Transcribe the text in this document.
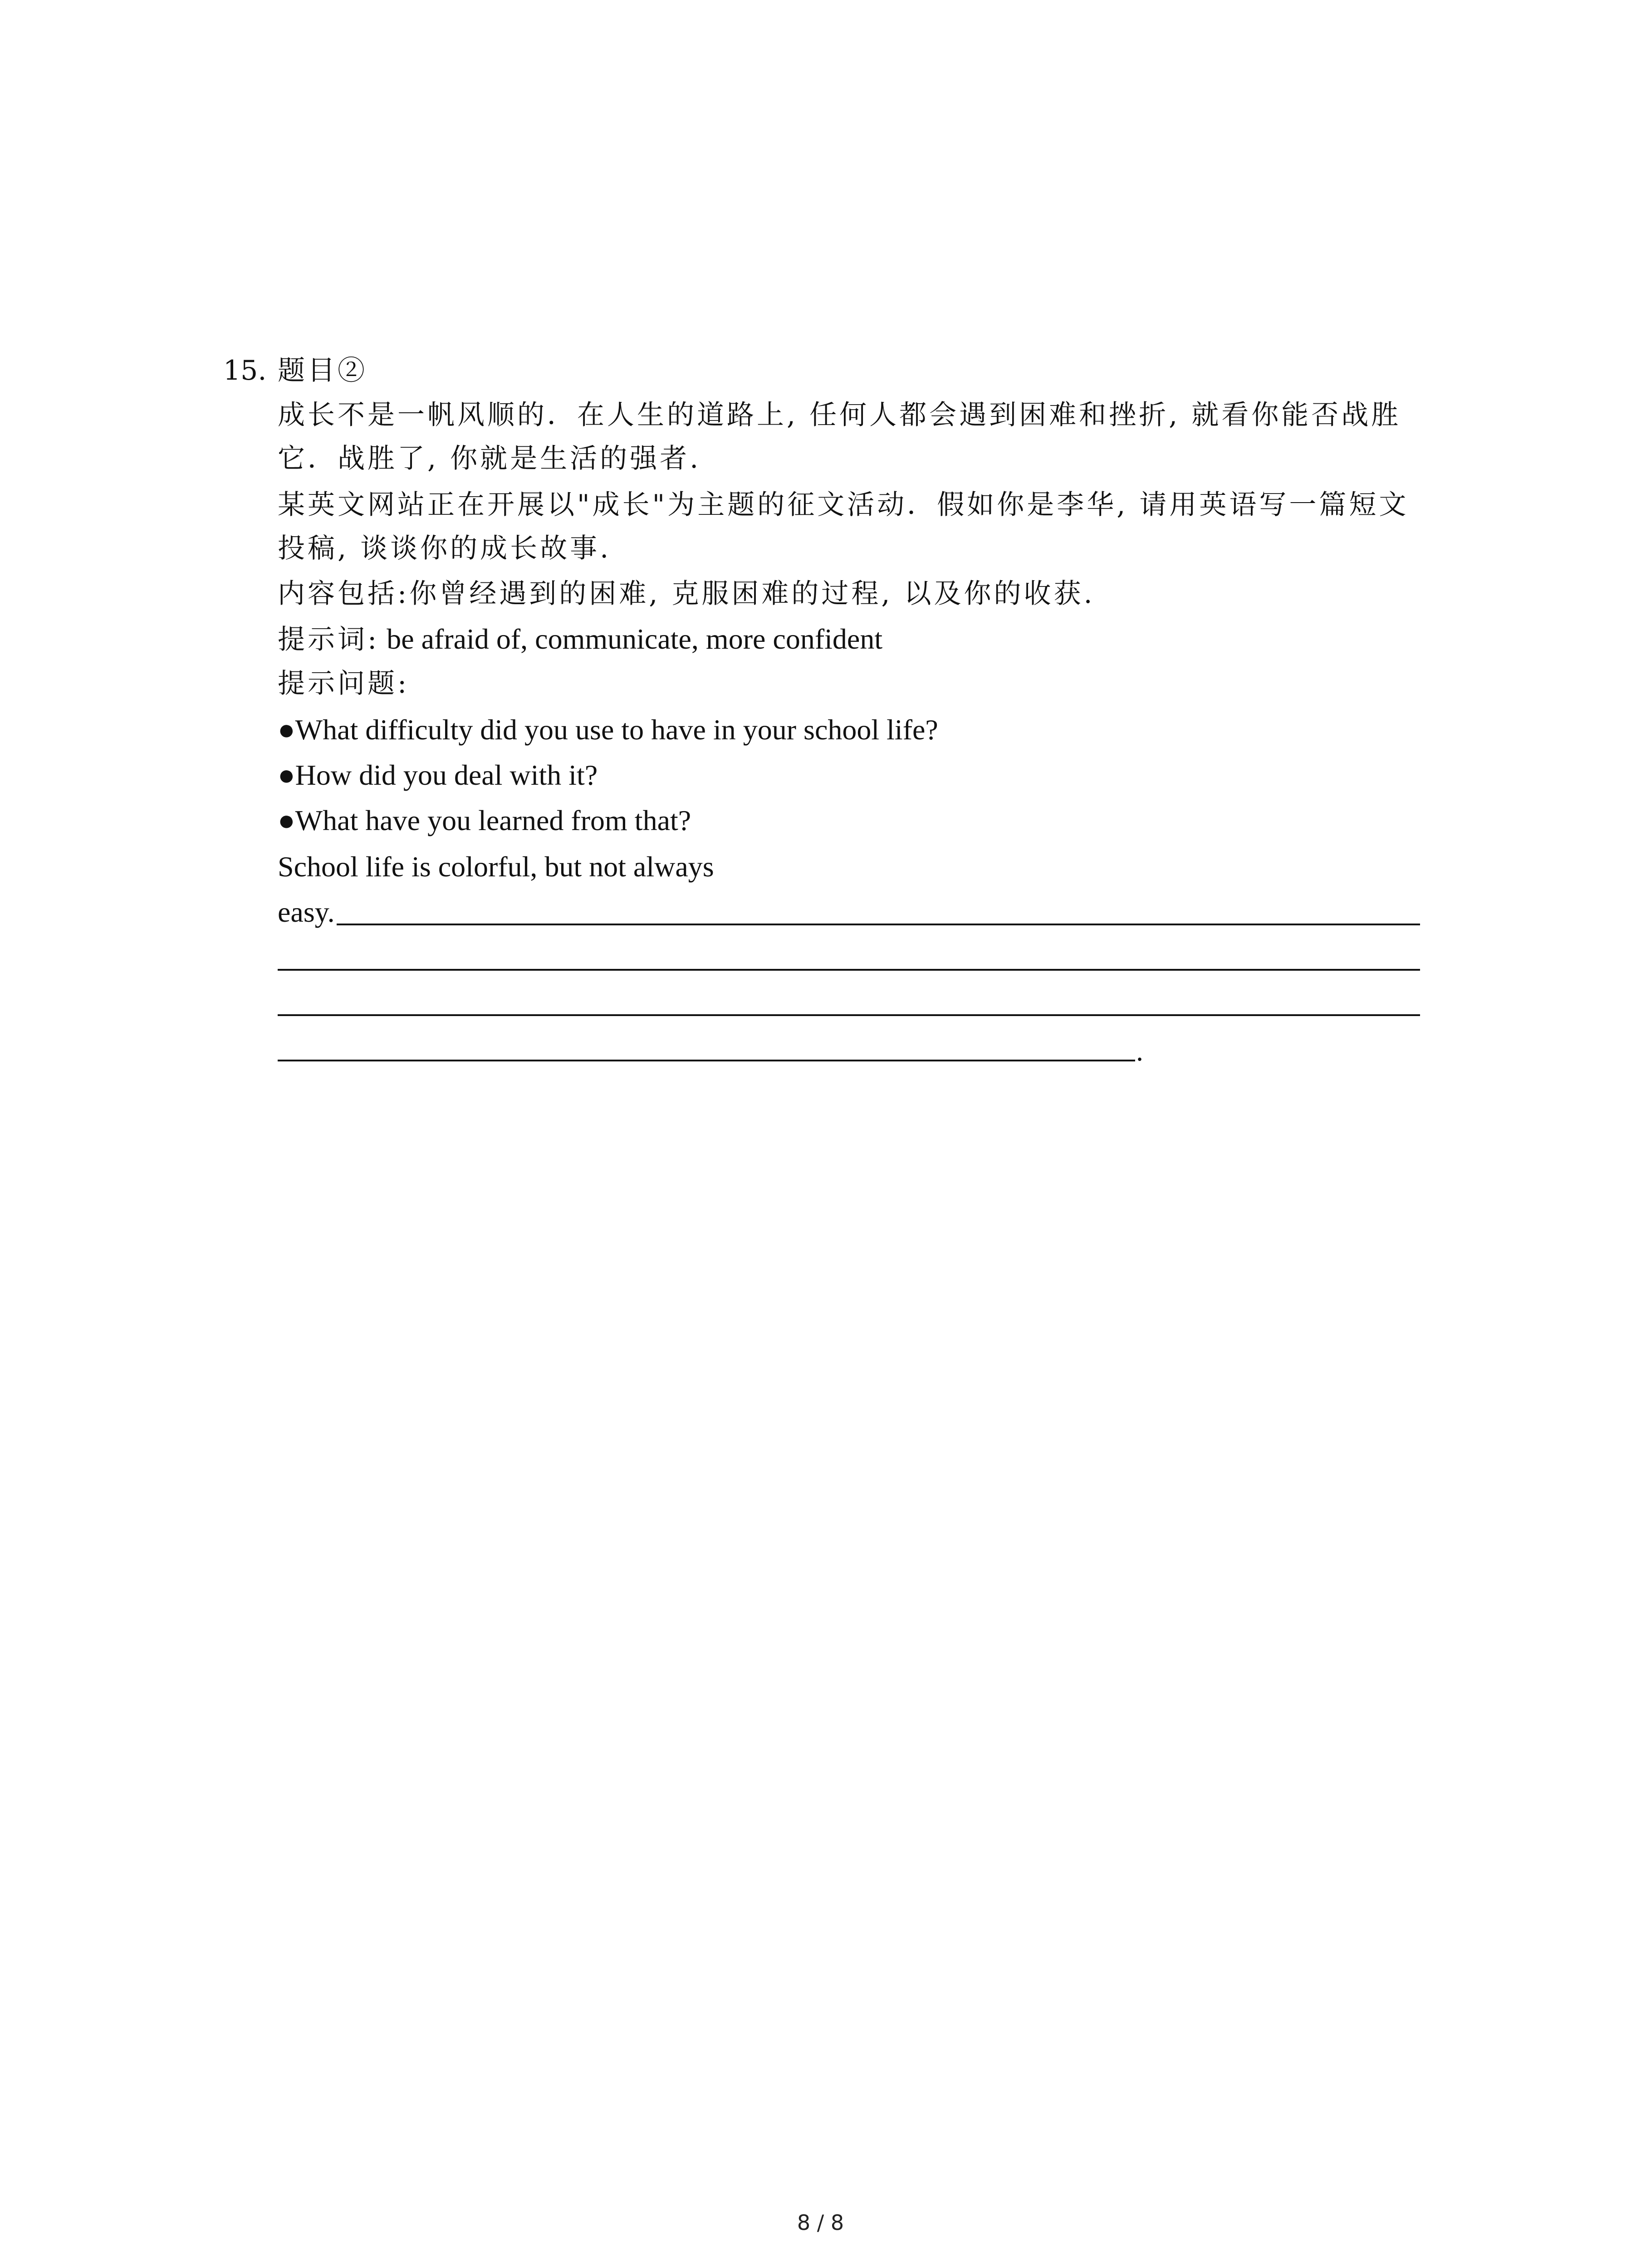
15. 题目②
成长不是一帆风顺的．在人生的道路上, 任何人都会遇到困难和挫折, 就看你能否战胜
它．战胜了, 你就是生活的强者.
某英文网站正在开展以"成长"为主题的征文活动．假如你是李华, 请用英语写一篇短文
投稿, 谈谈你的成长故事.
内容包括:你曾经遇到的困难, 克服困难的过程, 以及你的收获.
提示词: be afraid of, communicate, more confident
提示问题:
●What difficulty did you use to have in your school life?
●How did you deal with it?
●What have you learned from that?
School life is colorful, but not always
easy.
.
8 / 8
